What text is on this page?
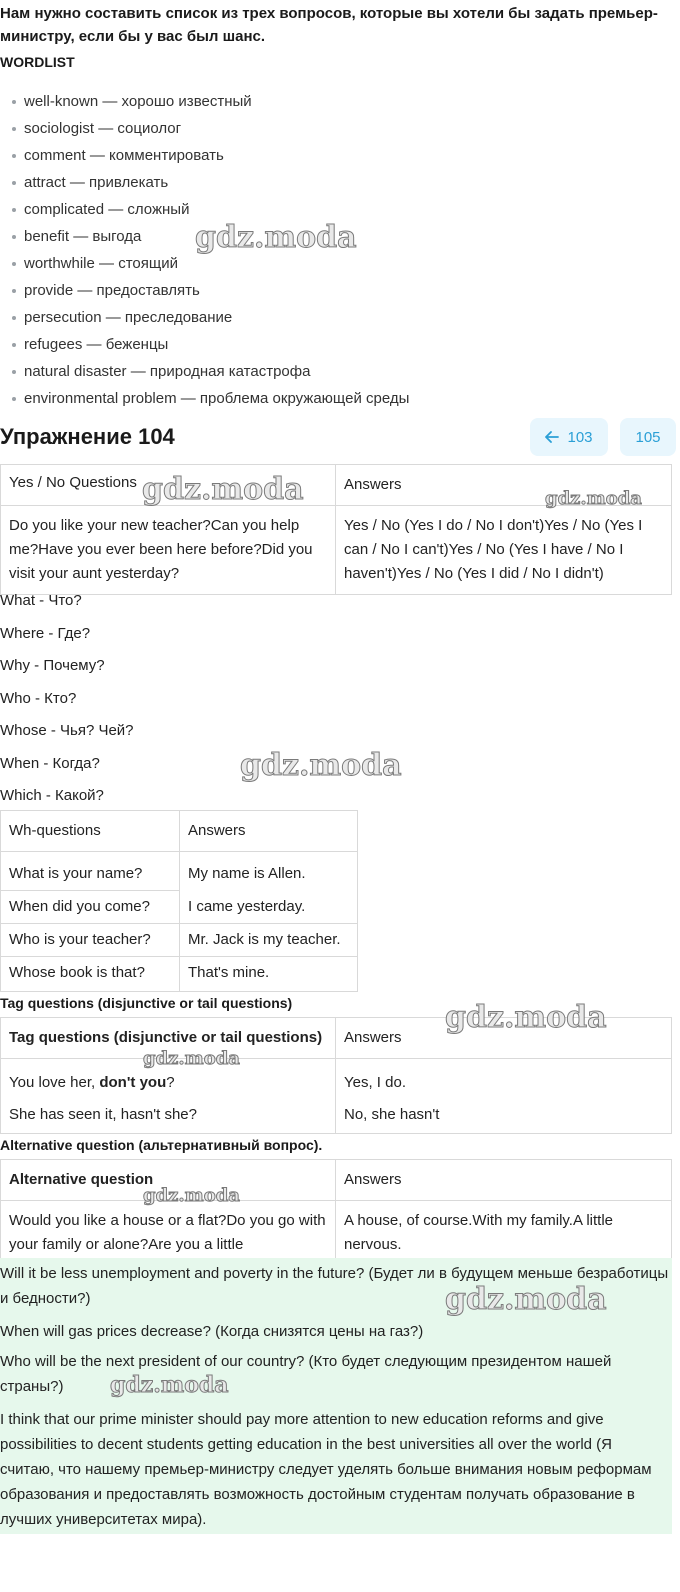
Нам нужно составить список из трех вопросов, которые вы хотели бы задать премьер-министру, если бы у вас был шанс.
WORDLIST
well-known — хорошо известный
sociologist — социолог
comment — комментировать
attract — привлекать
complicated — сложный
benefit — выгода
worthwhile — стоящий
provide — предоставлять
persecution — преследование
refugees — беженцы
natural disaster — природная катастрофа
environmental problem — проблема окружающей среды
Упражнение 104	103	105
Yes / No Questions	Answers
Do you like your new teacher?Can you help me?Have you ever been here before?Did you visit your aunt yesterday?	Yes / No (Yes I do / No I don't)Yes / No (Yes I can / No I can't)Yes / No (Yes I have / No I haven't)Yes / No (Yes I did / No I didn't)
What - Что?
Where - Где?
Why - Почему?
Who - Кто?
Whose - Чья? Чей?
When - Когда?
Which - Какой?
Wh-questions	Answers
What is your name?	My name is Allen.
When did you come?	I came yesterday.
Who is your teacher?	Mr. Jack is my teacher.
Whose book is that?	That's mine.
Tag questions (disjunctive or tail questions)
Tag questions (disjunctive or tail questions)	Answers
You love her, don't you?	Yes, I do.
She has seen it, hasn't she?	No, she hasn't
Alternative question (альтернативный вопрос).
Alternative question	Answers
Would you like a house or a flat?Do you go with your family or alone?Are you a little	A house, of course.With my family.A little nervous.

Will it be less unemployment and poverty in the future? (Будет ли в будущем меньше безработицы и бедности?)

When will gas prices decrease? (Когда снизятся цены на газ?)

Who will be the next president of our country? (Кто будет следующим президентом нашей страны?)

I think that our prime minister should pay more attention to new education reforms and give possibilities to decent students getting education in the best universities all over the world (Я считаю, что нашему премьер-министру следует уделять больше внимания новым реформам образования и предоставлять возможность достойным студентам получать образование в лучших университетах мира).

gdz.moda
gdz.moda	gdz.moda
gdz.moda
gdz.moda
gdz.moda
gdz.moda
gdz.moda
gdz.moda
